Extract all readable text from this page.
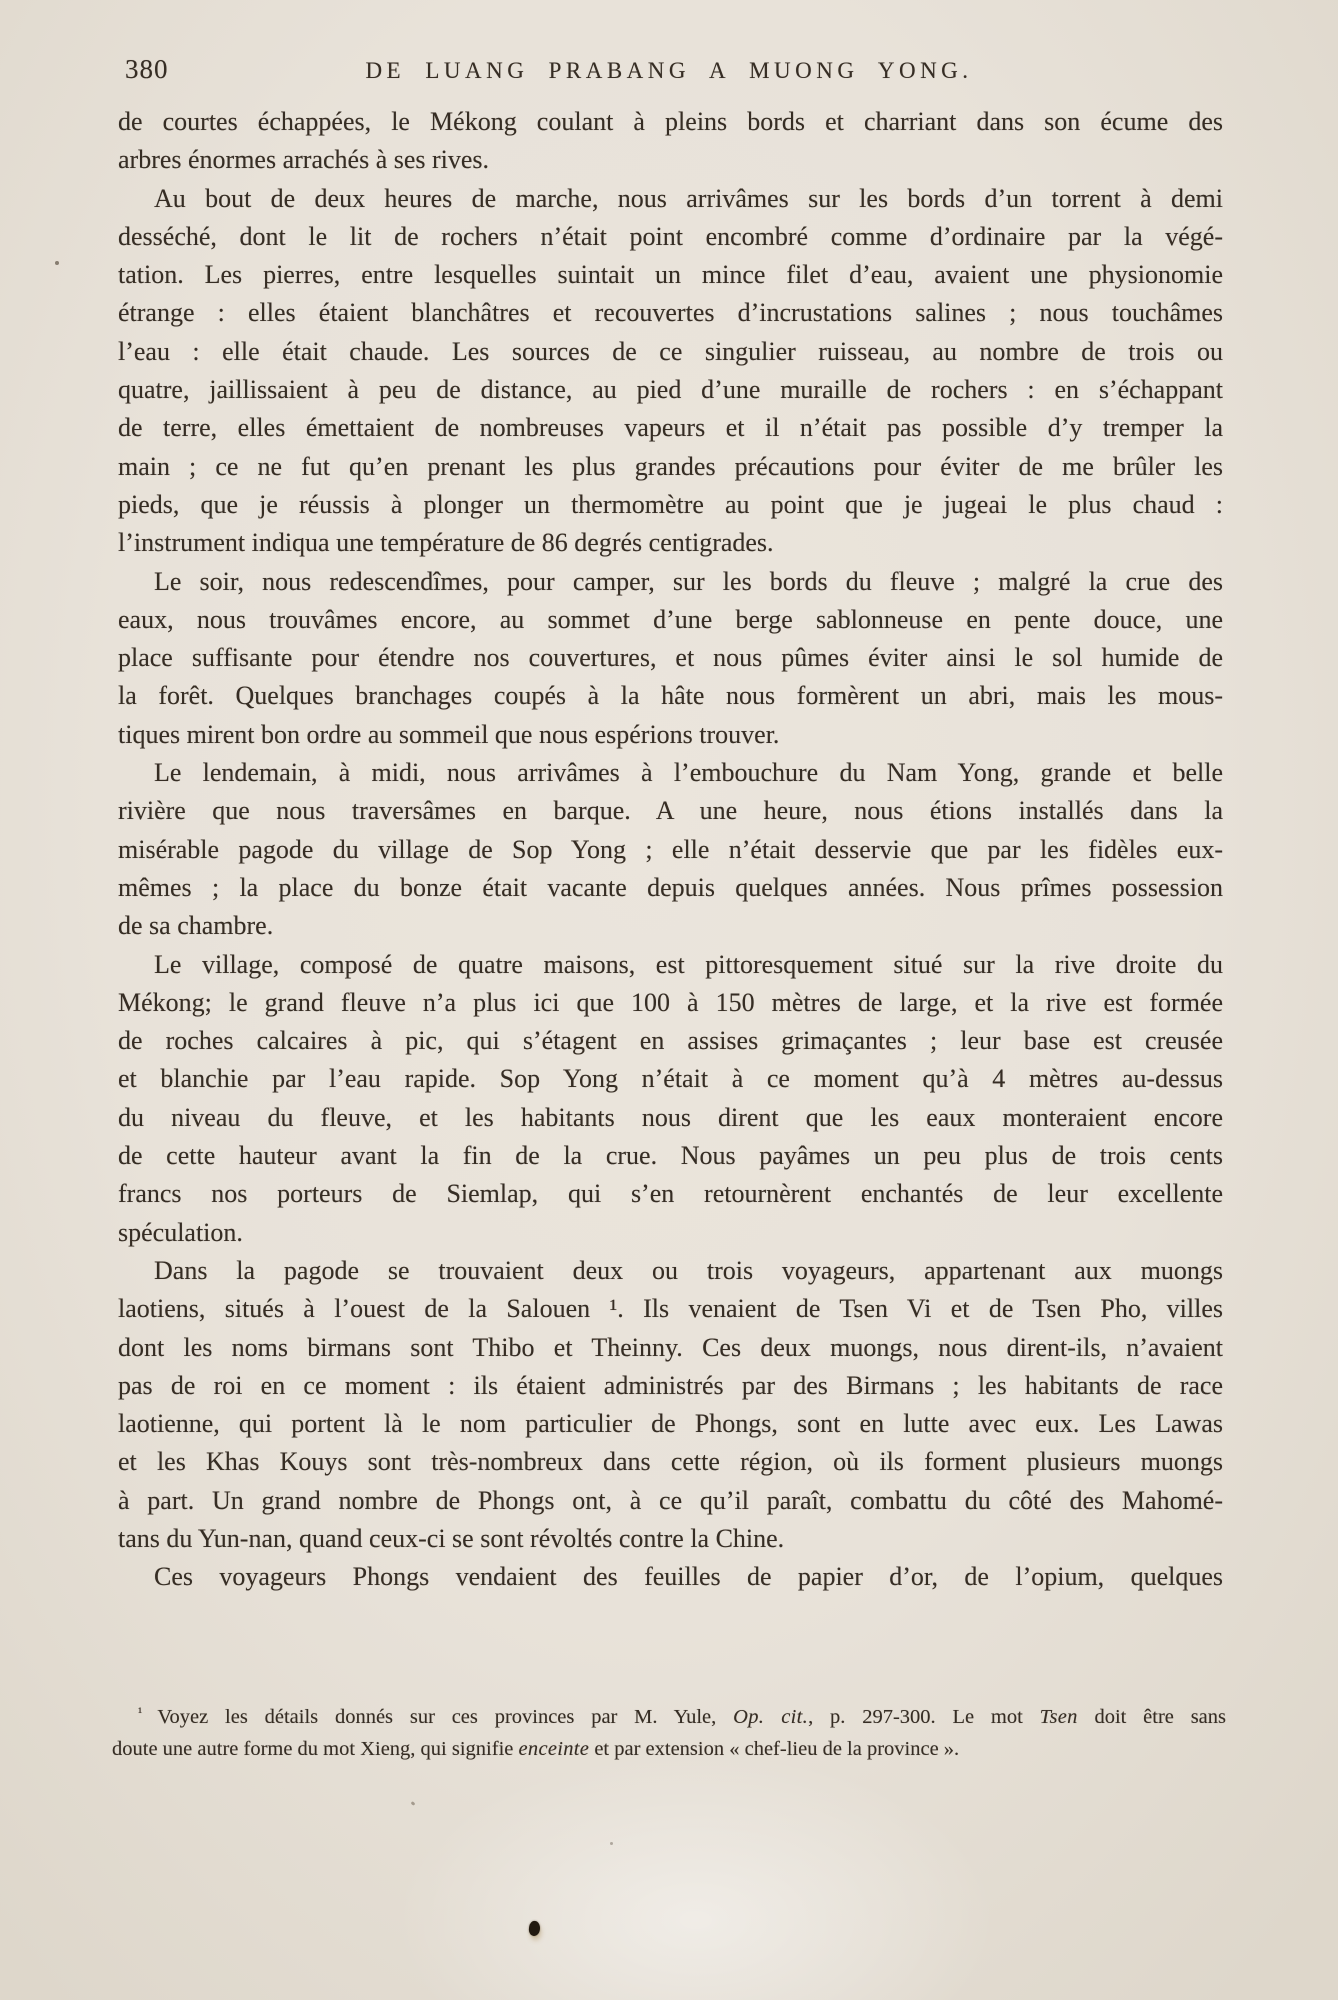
380	DE LUANG PRABANG A MUONG YONG.
de courtes échappées, le Mékong coulant à pleins bords et charriant dans son écume des
arbres énormes arrachés à ses rives.
Au bout de deux heures de marche, nous arrivâmes sur les bords d’un torrent à demi
desséché, dont le lit de rochers n’était point encombré comme d’ordinaire par la végé-
tation. Les pierres, entre lesquelles suintait un mince filet d’eau, avaient une physionomie
étrange : elles étaient blanchâtres et recouvertes d’incrustations salines ; nous touchâmes
l’eau : elle était chaude. Les sources de ce singulier ruisseau, au nombre de trois ou
quatre, jaillissaient à peu de distance, au pied d’une muraille de rochers : en s’échappant
de terre, elles émettaient de nombreuses vapeurs et il n’était pas possible d’y tremper la
main ; ce ne fut qu’en prenant les plus grandes précautions pour éviter de me brûler les
pieds, que je réussis à plonger un thermomètre au point que je jugeai le plus chaud :
l’instrument indiqua une température de 86 degrés centigrades.
Le soir, nous redescendîmes, pour camper, sur les bords du fleuve ; malgré la crue des
eaux, nous trouvâmes encore, au sommet d’une berge sablonneuse en pente douce, une
place suffisante pour étendre nos couvertures, et nous pûmes éviter ainsi le sol humide de
la forêt. Quelques branchages coupés à la hâte nous formèrent un abri, mais les mous-
tiques mirent bon ordre au sommeil que nous espérions trouver.
Le lendemain, à midi, nous arrivâmes à l’embouchure du Nam Yong, grande et belle
rivière que nous traversâmes en barque. A une heure, nous étions installés dans la
misérable pagode du village de Sop Yong ; elle n’était desservie que par les fidèles eux-
mêmes ; la place du bonze était vacante depuis quelques années. Nous prîmes possession
de sa chambre.
Le village, composé de quatre maisons, est pittoresquement situé sur la rive droite du
Mékong; le grand fleuve n’a plus ici que 100 à 150 mètres de large, et la rive est formée
de roches calcaires à pic, qui s’étagent en assises grimaçantes ; leur base est creusée
et blanchie par l’eau rapide. Sop Yong n’était à ce moment qu’à 4 mètres au-dessus
du niveau du fleuve, et les habitants nous dirent que les eaux monteraient encore
de cette hauteur avant la fin de la crue. Nous payâmes un peu plus de trois cents
francs nos porteurs de Siemlap, qui s’en retournèrent enchantés de leur excellente
spéculation.
Dans la pagode se trouvaient deux ou trois voyageurs, appartenant aux muongs
laotiens, situés à l’ouest de la Salouen ¹. Ils venaient de Tsen Vi et de Tsen Pho, villes
dont les noms birmans sont Thibo et Theinny. Ces deux muongs, nous dirent-ils, n’avaient
pas de roi en ce moment : ils étaient administrés par des Birmans ; les habitants de race
laotienne, qui portent là le nom particulier de Phongs, sont en lutte avec eux. Les Lawas
et les Khas Kouys sont très-nombreux dans cette région, où ils forment plusieurs muongs
à part. Un grand nombre de Phongs ont, à ce qu’il paraît, combattu du côté des Mahomé-
tans du Yun-nan, quand ceux-ci se sont révoltés contre la Chine.
Ces voyageurs Phongs vendaient des feuilles de papier d’or, de l’opium, quelques
$^{^1}$ Voyez les détails donnés sur ces provinces par M. Yule, Op. cit., p. 297-300. Le mot Tsen doit être sans
doute une autre forme du mot Xieng, qui signifie enceinte et par extension « chef-lieu de la province ».
